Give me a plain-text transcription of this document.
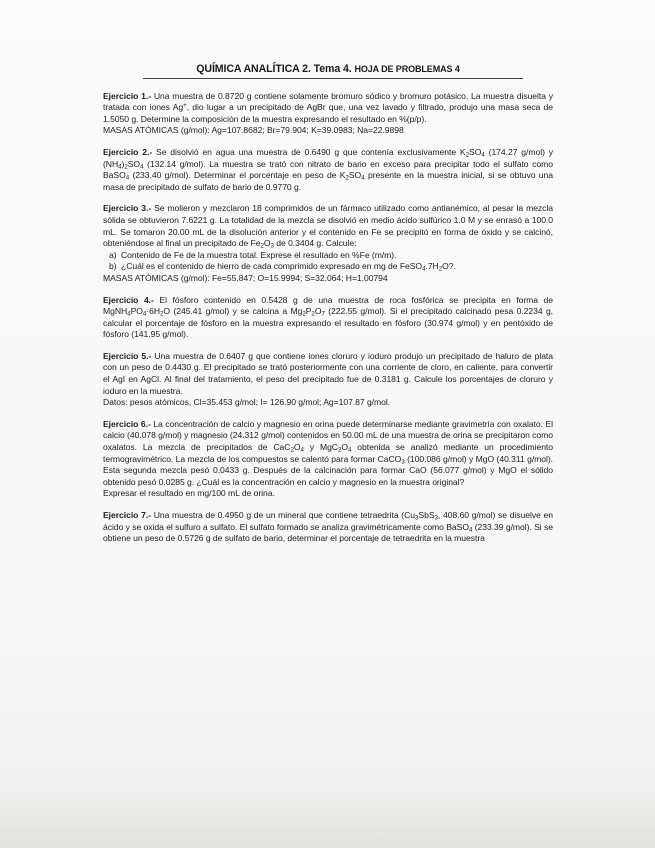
QUÍMICA ANALÍTICA 2. Tema 4. HOJA DE PROBLEMAS 4

Ejercicio 1.- Una muestra de 0.8720 g contiene solamente bromuro sódico y bromuro potásico. La muestra disuelta y tratada con iones Ag+, dio lugar a un precipitado de AgBr que, una vez lavado y filtrado, produjo una masa seca de 1.5050 g. Determine la composición de la muestra expresando el resultado en %(p/p).

MASAS ATÓMICAS (g/mol): Ag=107.8682; Br=79.904; K=39.0983; Na=22.9898

Ejercicio 2.- Se disolvió en agua una muestra de 0.6490 g que contenía exclusivamente $K_2SO_4$ (174.27 g/mol) y $(NH_4)_2SO_4$ (132.14 g/mol). La muestra se trató con nitrato de bario en exceso para precipitar todo el sulfato como BaSO$_4$ (233.40 g/mol). Determinar el porcentaje en peso de $K_2SO_4$ presente en la muestra inicial, si se obtuvo una masa de precipitado de sulfato de bario de 0.9770 g.

Ejercicio 3.- Se molieron y mezclaron 18 comprimidos de un fármaco utilizado como antianémico, al pesar la mezcla sólida se obtuvieron 7.6221 g. La totalidad de la mezcla se disolvió en medio ácido sulfúrico 1.0 M y se enrasó a 100.0 mL. Se tomaron 20.00 mL de la disolución anterior y el contenido en Fe se precipitó en forma de óxido y se calcinó, obteniéndose al final un precipitado de $Fe_2O_3$ de 0.3404 g. Calcule:

a) Contenido de Fe de la muestra total. Exprese el resultado en %Fe (m/m).
b) ¿Cuál es el contenido de hierro de cada comprimido expresado en mg de $FeSO_4.7H_2O$?.

MASAS ATÓMICAS (g/mol): Fe=55.847; O=15.9994; S=32.064; H=1.00794

Ejercicio 4.- El fósforo contenido en 0.5428 g de una muestra de roca fosfórica se precipita en forma de $MgNH_4PO_4\cdot 6H_2O$ (245.41 g/mol) y se calcina a $Mg_2P_2O_7$ (222.55 g/mol). Si el precipitado calcinado pesa 0.2234 g, calcular el porcentaje de fósforo en la muestra expresando el resultado en fósforo (30.974 g/mol) y en pentóxido de fósforo (141.95 g/mol).

Ejercicio 5.- Una muestra de 0.6407 g que contiene iones cloruro y ioduro produjo un precipitado de haluro de plata con un peso de 0.4430 g. El precipitado se trató posteriormente con una corriente de cloro, en caliente, para convertir el AgI en AgCl. Al final del tratamiento, el peso del precipitado fue de 0.3181 g. Calcule los porcentajes de cloruro y ioduro en la muestra.

Datos: pesos atómicos, Cl=35.453 g/mol; I= 126.90 g/mol; Ag=107.87 g/mol.

Ejercicio 6.- La concentración de calcio y magnesio en orina puede determinarse mediante gravimetría con oxalato. El calcio (40.078 g/mol) y magnesio (24.312 g/mol) contenidos en 50.00 mL de una muestra de orina se precipitaron como oxalatos. La mezcla de precipitados de $CaC_2O_4$ y $MgC_2O_4$ obtenida se analizó mediante un procedimiento termogravimétrico. La mezcla de los compuestos se calentó para formar CaCO$_3$ (100.086 g/mol) y MgO (40.311 g/mol). Esta segunda mezcla pesó 0.0433 g. Después de la calcinación para formar CaO (56.077 g/mol) y MgO el sólido obtenido pesó 0.0285 g. ¿Cuál es la concentración en calcio y magnesio en la muestra original?

Expresar el resultado en mg/100 mL de orina.

Ejercicio 7.- Una muestra de 0.4950 g de un mineral que contiene tetraedrita ($Cu_3SbS_3$, 408.60 g/mol) se disuelve en ácido y se oxida el sulfuro a sulfato. El sulfato formado se analiza gravimétricamente como BaSO$_4$ (233.39 g/mol). Si se obtiene un peso de 0.5726 g de sulfato de bario, determinar el porcentaje de tetraedrita en la muestra
